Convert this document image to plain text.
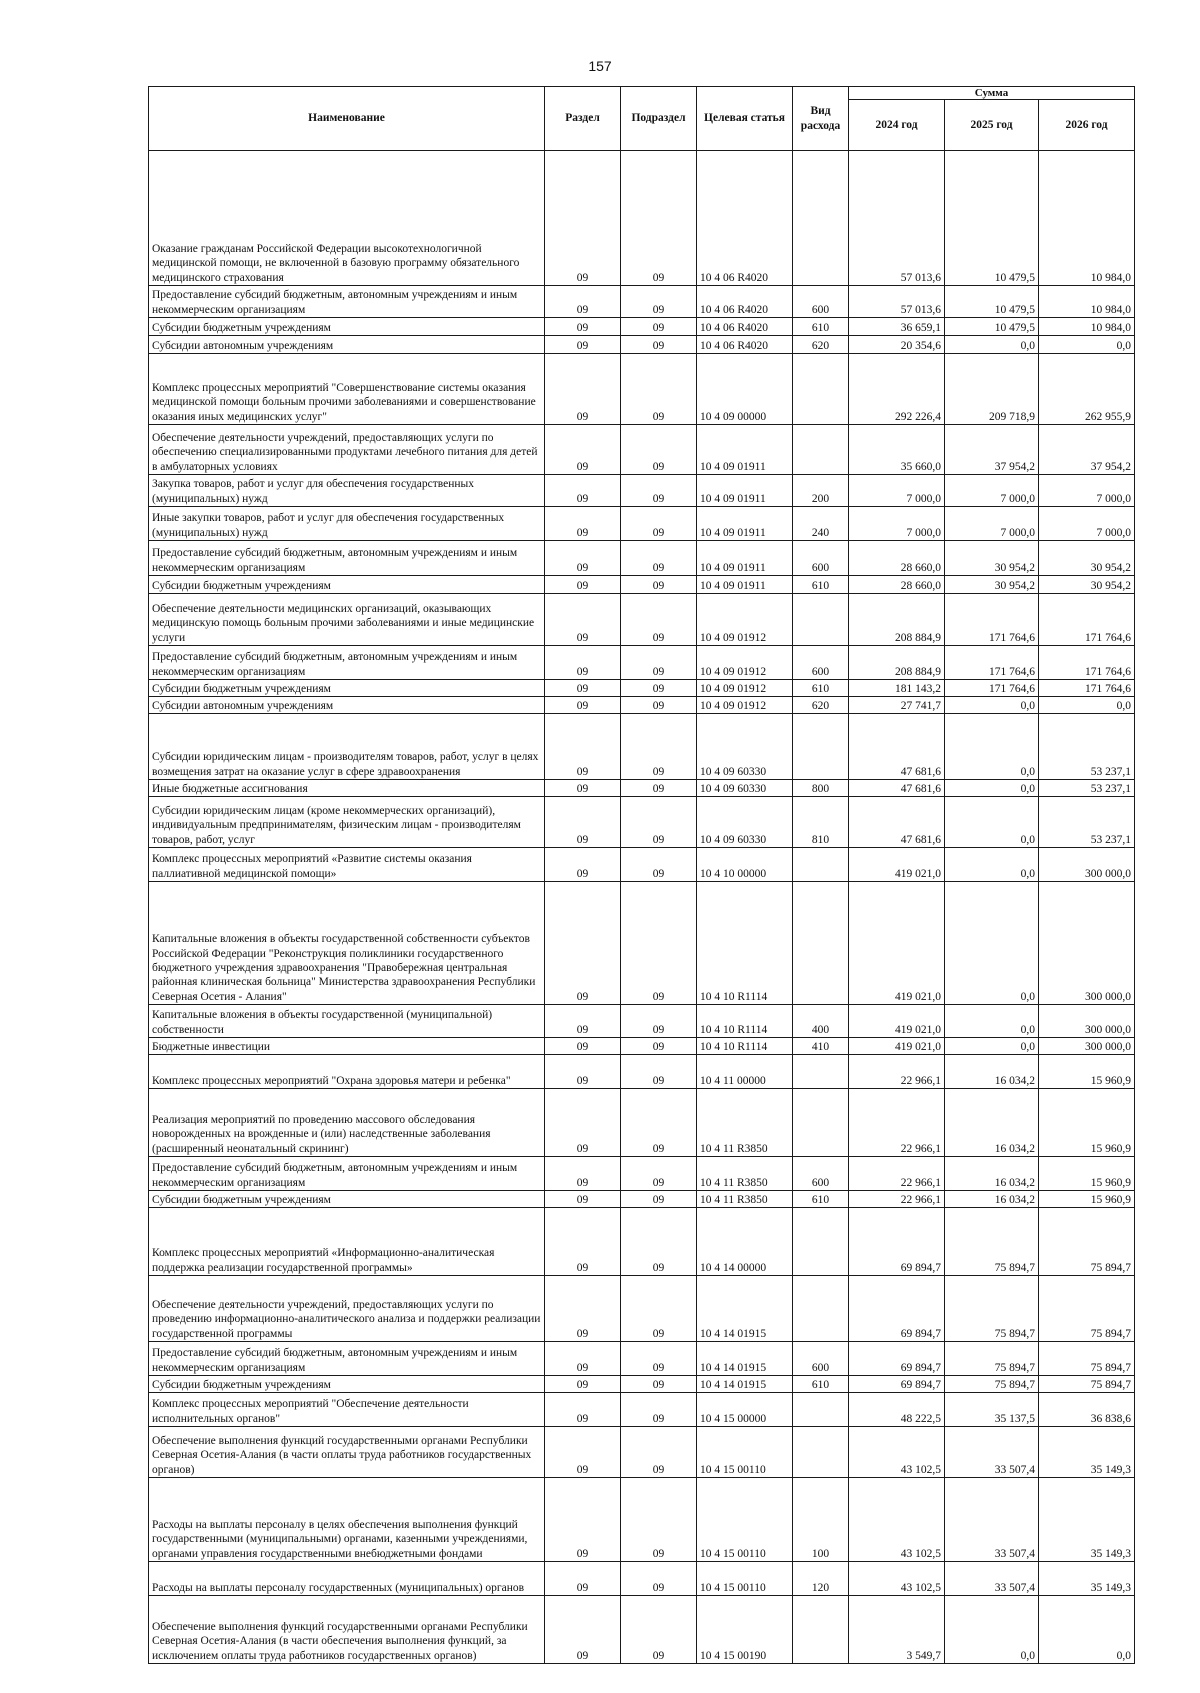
157
Наименование	Раздел	Подраздел	Целевая статья	Вид расхода	Сумма		
					2024 год	2025 год	2026 год
Оказание гражданам Российской Федерации высокотехнологичной медицинской помощи, не включенной в базовую программу обязательного медицинского страхования	09	09	10 4 06 R4020		57 013,6	10 479,5	10 984,0
Предоставление субсидий бюджетным, автономным учреждениям и иным некоммерческим организациям	09	09	10 4 06 R4020	600	57 013,6	10 479,5	10 984,0
Субсидии бюджетным учреждениям	09	09	10 4 06 R4020	610	36 659,1	10 479,5	10 984,0
Субсидии автономным учреждениям	09	09	10 4 06 R4020	620	20 354,6	0,0	0,0
Комплекс процессных мероприятий "Совершенствование системы оказания медицинской помощи больным прочими заболеваниями и совершенствование оказания иных медицинских услуг"	09	09	10 4 09 00000		292 226,4	209 718,9	262 955,9
Обеспечение деятельности учреждений, предоставляющих услуги по обеспечению специализированными продуктами лечебного питания для детей в амбулаторных условиях	09	09	10 4 09 01911		35 660,0	37 954,2	37 954,2
Закупка товаров, работ и услуг для обеспечения государственных (муниципальных) нужд	09	09	10 4 09 01911	200	7 000,0	7 000,0	7 000,0
Иные закупки товаров, работ и услуг для обеспечения государственных (муниципальных) нужд	09	09	10 4 09 01911	240	7 000,0	7 000,0	7 000,0
Предоставление субсидий бюджетным, автономным учреждениям и иным некоммерческим организациям	09	09	10 4 09 01911	600	28 660,0	30 954,2	30 954,2
Субсидии бюджетным учреждениям	09	09	10 4 09 01911	610	28 660,0	30 954,2	30 954,2
Обеспечение деятельности медицинских организаций, оказывающих медицинскую помощь больным прочими заболеваниями и иные медицинские услуги	09	09	10 4 09 01912		208 884,9	171 764,6	171 764,6
Предоставление субсидий бюджетным, автономным учреждениям и иным некоммерческим организациям	09	09	10 4 09 01912	600	208 884,9	171 764,6	171 764,6
Субсидии бюджетным учреждениям	09	09	10 4 09 01912	610	181 143,2	171 764,6	171 764,6
Субсидии автономным учреждениям	09	09	10 4 09 01912	620	27 741,7	0,0	0,0
Субсидии юридическим лицам - производителям товаров, работ, услуг в целях возмещения затрат на оказание услуг в сфере здравоохранения	09	09	10 4 09 60330		47 681,6	0,0	53 237,1
Иные бюджетные ассигнования	09	09	10 4 09 60330	800	47 681,6	0,0	53 237,1
Субсидии юридическим лицам (кроме некоммерческих организаций), индивидуальным предпринимателям, физическим лицам - производителям товаров, работ, услуг	09	09	10 4 09 60330	810	47 681,6	0,0	53 237,1
Комплекс процессных мероприятий «Развитие системы оказания паллиативной медицинской помощи»	09	09	10 4 10 00000		419 021,0	0,0	300 000,0
Капитальные вложения в объекты государственной собственности субъектов Российской Федерации "Реконструкция поликлиники государственного бюджетного учреждения здравоохранения "Правобережная центральная районная клиническая больница" Министерства здравоохранения Республики Северная Осетия - Алания"	09	09	10 4 10 R1114		419 021,0	0,0	300 000,0
Капитальные вложения в объекты государственной (муниципальной) собственности	09	09	10 4 10 R1114	400	419 021,0	0,0	300 000,0
Бюджетные инвестиции	09	09	10 4 10 R1114	410	419 021,0	0,0	300 000,0
Комплекс процессных мероприятий "Охрана здоровья матери и ребенка"	09	09	10 4 11 00000		22 966,1	16 034,2	15 960,9
Реализация мероприятий по проведению массового обследования новорожденных на врожденные и (или) наследственные заболевания (расширенный неонатальный скрининг)	09	09	10 4 11 R3850		22 966,1	16 034,2	15 960,9
Предоставление субсидий бюджетным, автономным учреждениям и иным некоммерческим организациям	09	09	10 4 11 R3850	600	22 966,1	16 034,2	15 960,9
Субсидии бюджетным учреждениям	09	09	10 4 11 R3850	610	22 966,1	16 034,2	15 960,9
Комплекс процессных мероприятий «Информационно-аналитическая поддержка реализации государственной программы»	09	09	10 4 14 00000		69 894,7	75 894,7	75 894,7
Обеспечение деятельности учреждений, предоставляющих услуги по проведению информационно-аналитического анализа и поддержки реализации государственной программы	09	09	10 4 14 01915		69 894,7	75 894,7	75 894,7
Предоставление субсидий бюджетным, автономным учреждениям и иным некоммерческим организациям	09	09	10 4 14 01915	600	69 894,7	75 894,7	75 894,7
Субсидии бюджетным учреждениям	09	09	10 4 14 01915	610	69 894,7	75 894,7	75 894,7
Комплекс процессных мероприятий "Обеспечение деятельности исполнительных органов"	09	09	10 4 15 00000		48 222,5	35 137,5	36 838,6
Обеспечение выполнения функций государственными органами Республики Северная Осетия-Алания (в части оплаты труда работников государственных органов)	09	09	10 4 15 00110		43 102,5	33 507,4	35 149,3
Расходы на выплаты персоналу в целях обеспечения выполнения функций государственными (муниципальными) органами, казенными учреждениями, органами управления государственными внебюджетными фондами	09	09	10 4 15 00110	100	43 102,5	33 507,4	35 149,3
Расходы на выплаты персоналу государственных (муниципальных) органов	09	09	10 4 15 00110	120	43 102,5	33 507,4	35 149,3
Обеспечение выполнения функций государственными органами Республики Северная Осетия-Алания (в части обеспечения выполнения функций, за исключением оплаты труда работников государственных органов)	09	09	10 4 15 00190		3 549,7	0,0	0,0
